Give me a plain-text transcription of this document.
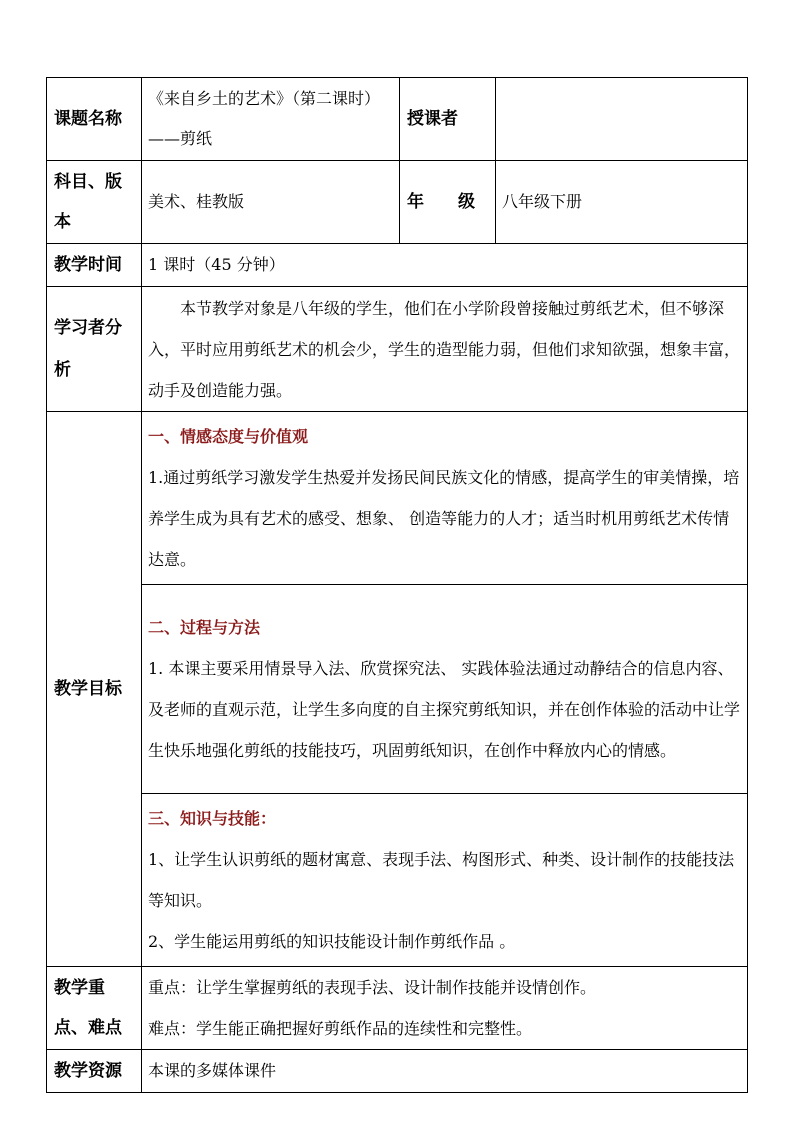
课题名称	《来自乡土的艺术》（第二课时）——剪纸	授课者	
科目、版本	美术、桂教版	年　　级	八年级下册
教学时间	1 课时（45 分钟）		
学习者分析	本节教学对象是八年级的学生，他们在小学阶段曾接触过剪纸艺术，但不够深入，平时应用剪纸艺术的机会少，学生的造型能力弱，但他们求知欲强，想象丰富，动手及创造能力强。		
教学目标	一、情感态度与价值观
1.通过剪纸学习激发学生热爱并发扬民间民族文化的情感，提高学生的审美情操，培养学生成为具有艺术的感受、想象、 创造等能力的人才；适当时机用剪纸艺术传情达意。		

	二、过程与方法
1. 本课主要采用情景导入法、欣赏探究法、 实践体验法通过动静结合的信息内容、及老师的直观示范，让学生多向度的自主探究剪纸知识，并在创作体验的活动中让学生快乐地强化剪纸的技能技巧，巩固剪纸知识，在创作中释放内心的情感。		

	三、知识与技能：
1、让学生认识剪纸的题材寓意、表现手法、构图形式、种类、设计制作的技能技法等知识。
2、学生能运用剪纸的知识技能设计制作剪纸作品 。		

教学重点、难点	重点：让学生掌握剪纸的表现手法、设计制作技能并设情创作。
难点：学生能正确把握好剪纸作品的连续性和完整性。		

教学资源	本课的多媒体课件		
